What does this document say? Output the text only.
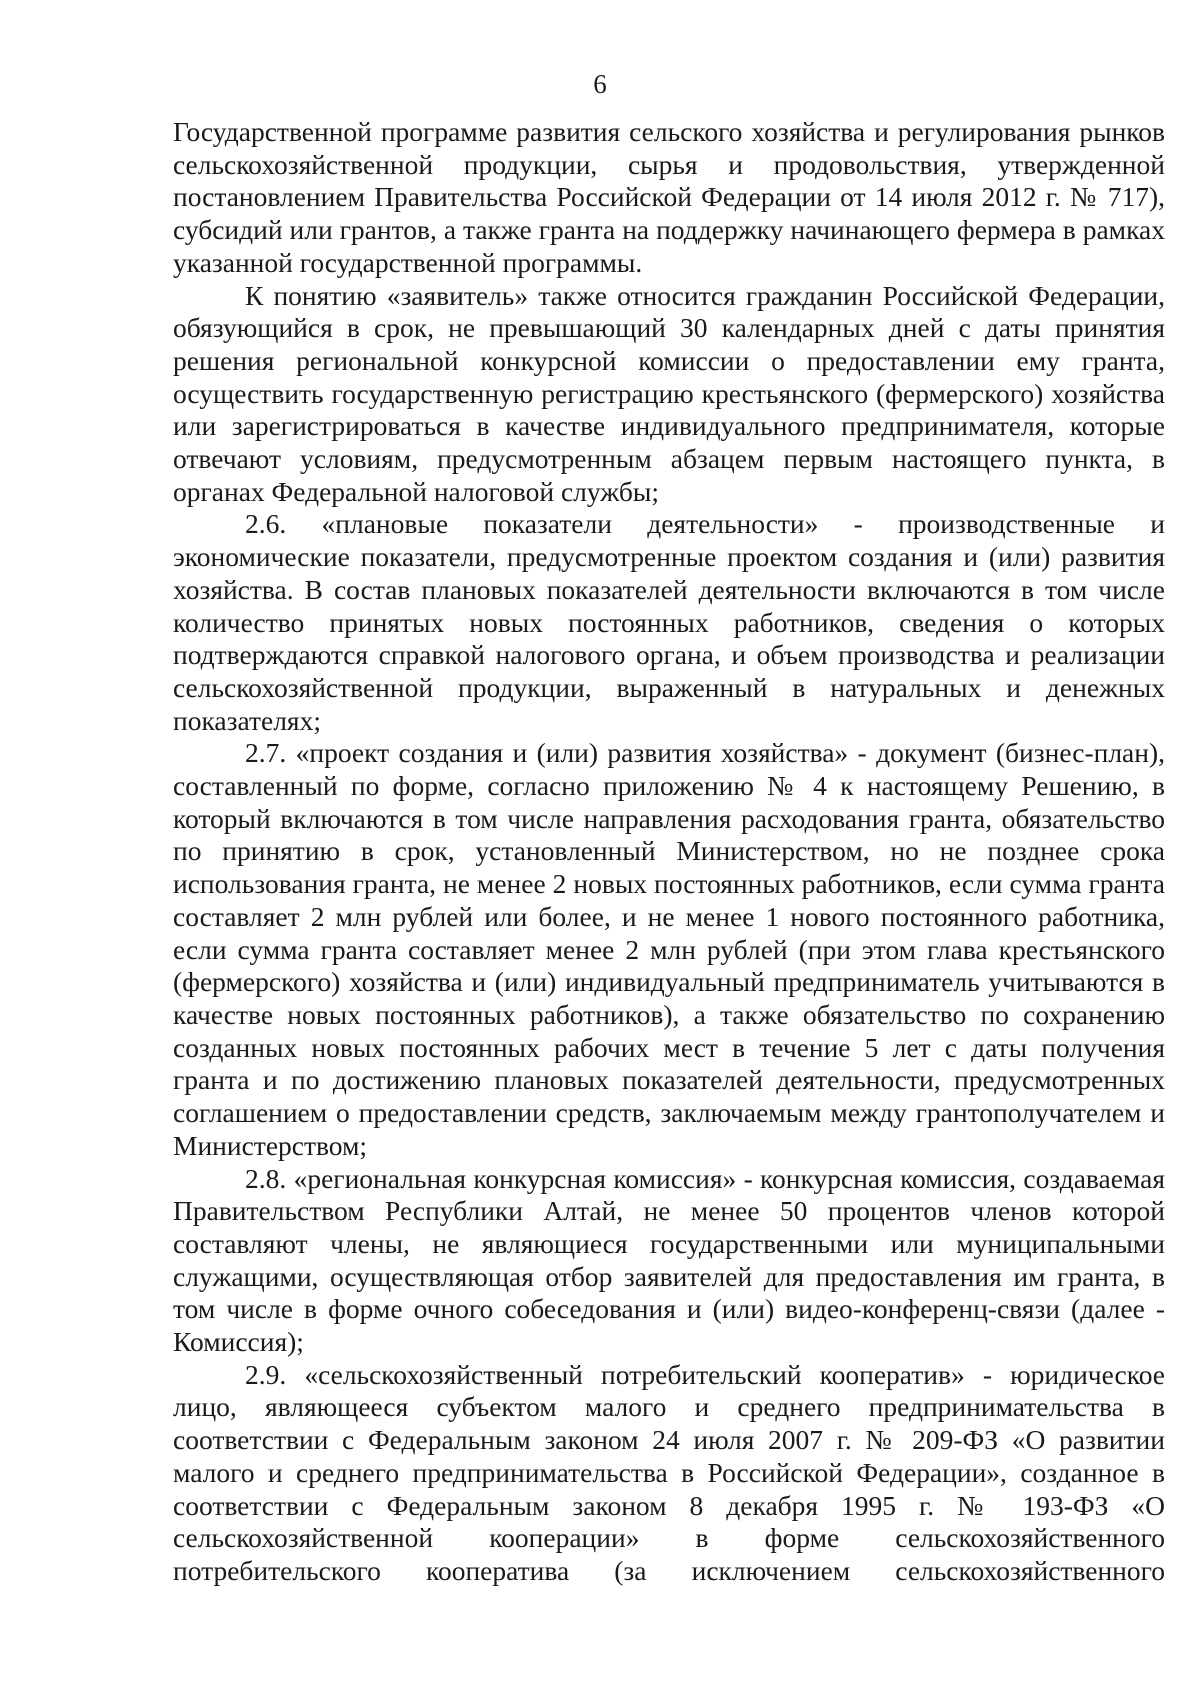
6

Государственной программе развития сельского хозяйства и регулирования рынков сельскохозяйственной продукции, сырья и продовольствия, утвержденной постановлением Правительства Российской Федерации от 14 июля 2012 г. № 717), субсидий или грантов, а также гранта на поддержку начинающего фермера в рамках указанной государственной программы.

К понятию «заявитель» также относится гражданин Российской Федерации, обязующийся в срок, не превышающий 30 календарных дней с даты принятия решения региональной конкурсной комиссии о предоставлении ему гранта, осуществить государственную регистрацию крестьянского (фермерского) хозяйства или зарегистрироваться в качестве индивидуального предпринимателя, которые отвечают условиям, предусмотренным абзацем первым настоящего пункта, в органах Федеральной налоговой службы;

2.6. «плановые показатели деятельности» - производственные и экономические показатели, предусмотренные проектом создания и (или) развития хозяйства. В состав плановых показателей деятельности включаются в том числе количество принятых новых постоянных работников, сведения о которых подтверждаются справкой налогового органа, и объем производства и реализации сельскохозяйственной продукции, выраженный в натуральных и денежных показателях;

2.7. «проект создания и (или) развития хозяйства» - документ (бизнес-план), составленный по форме, согласно приложению № 4 к настоящему Решению, в который включаются в том числе направления расходования гранта, обязательство по принятию в срок, установленный Министерством, но не позднее срока использования гранта, не менее 2 новых постоянных работников, если сумма гранта составляет 2 млн рублей или более, и не менее 1 нового постоянного работника, если сумма гранта составляет менее 2 млн рублей (при этом глава крестьянского (фермерского) хозяйства и (или) индивидуальный предприниматель учитываются в качестве новых постоянных работников), а также обязательство по сохранению созданных новых постоянных рабочих мест в течение 5 лет с даты получения гранта и по достижению плановых показателей деятельности, предусмотренных соглашением о предоставлении средств, заключаемым между грантополучателем и Министерством;

2.8. «региональная конкурсная комиссия» - конкурсная комиссия, создаваемая Правительством Республики Алтай, не менее 50 процентов членов которой составляют члены, не являющиеся государственными или муниципальными служащими, осуществляющая отбор заявителей для предоставления им гранта, в том числе в форме очного собеседования и (или) видео-конференц-связи (далее - Комиссия);

2.9. «сельскохозяйственный потребительский кооператив» - юридическое лицо, являющееся субъектом малого и среднего предпринимательства в соответствии с Федеральным законом 24 июля 2007 г. № 209-ФЗ «О развитии малого и среднего предпринимательства в Российской Федерации», созданное в соответствии с Федеральным законом 8 декабря 1995 г. № 193-ФЗ «О сельскохозяйственной кооперации» в форме сельскохозяйственного потребительского кооператива (за исключением сельскохозяйственного
